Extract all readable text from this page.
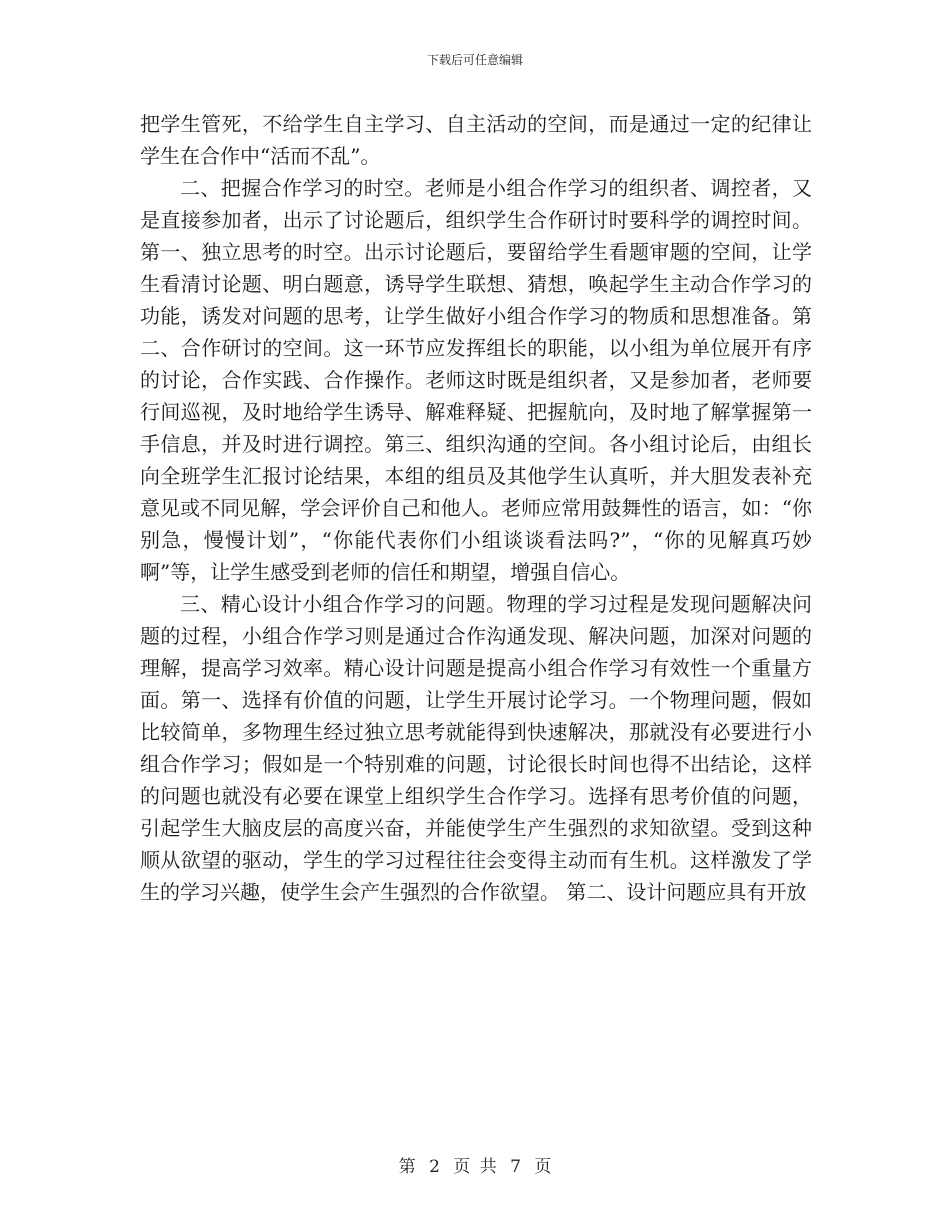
下载后可任意编辑

把学生管死，不给学生自主学习、自主活动的空间，而是通过一定的纪律让学生在合作中“活而不乱”。

二、把握合作学习的时空。老师是小组合作学习的组织者、调控者，又是直接参加者，出示了讨论题后，组织学生合作研讨时要科学的调控时间。第一、独立思考的时空。出示讨论题后，要留给学生看题审题的空间，让学生看清讨论题、明白题意，诱导学生联想、猜想，唤起学生主动合作学习的功能，诱发对问题的思考，让学生做好小组合作学习的物质和思想准备。第二、合作研讨的空间。这一环节应发挥组长的职能，以小组为单位展开有序的讨论，合作实践、合作操作。老师这时既是组织者，又是参加者，老师要行间巡视，及时地给学生诱导、解难释疑、把握航向，及时地了解掌握第一手信息，并及时进行调控。第三、组织沟通的空间。各小组讨论后，由组长向全班学生汇报讨论结果，本组的组员及其他学生认真听，并大胆发表补充意见或不同见解，学会评价自己和他人。老师应常用鼓舞性的语言，如：“你别急，慢慢计划”，“你能代表你们小组谈谈看法吗?”，“你的见解真巧妙啊”等，让学生感受到老师的信任和期望，增强自信心。

三、精心设计小组合作学习的问题。物理的学习过程是发现问题解决问题的过程，小组合作学习则是通过合作沟通发现、解决问题，加深对问题的理解，提高学习效率。精心设计问题是提高小组合作学习有效性一个重量方面。第一、选择有价值的问题，让学生开展讨论学习。一个物理问题，假如比较简单，多物理生经过独立思考就能得到快速解决，那就没有必要进行小组合作学习；假如是一个特别难的问题，讨论很长时间也得不出结论，这样的问题也就没有必要在课堂上组织学生合作学习。选择有思考价值的问题，引起学生大脑皮层的高度兴奋，并能使学生产生强烈的求知欲望。受到这种顺从欲望的驱动，学生的学习过程往往会变得主动而有生机。这样激发了学生的学习兴趣，使学生会产生强烈的合作欲望。 第二、设计问题应具有开放

第 2 页 共 7 页
